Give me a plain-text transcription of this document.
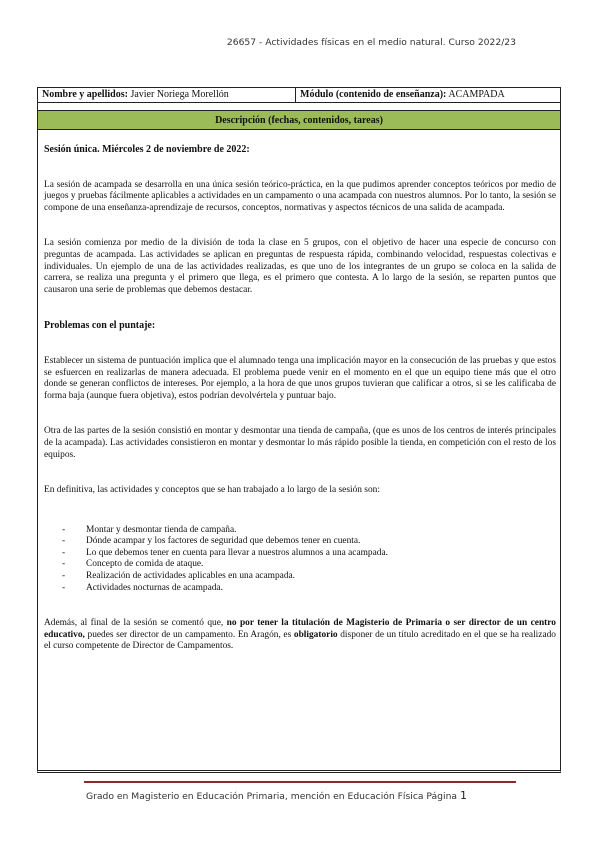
26657 - Actividades físicas en el medio natural. Curso 2022/23
Nombre y apellidos: Javier Noriega Morellón	Módulo (contenido de enseñanza): ACAMPADA
Descripción (fechas, contenidos, tareas)

Sesión única. Miércoles 2 de noviembre de 2022:

La sesión de acampada se desarrolla en una única sesión teórico-práctica, en la que pudimos aprender conceptos teóricos por medio de juegos y pruebas fácilmente aplicables a actividades en un campamento o una acampada con nuestros alumnos. Por lo tanto, la sesión se compone de una enseñanza-aprendizaje de recursos, conceptos, normativas y aspectos técnicos de una salida de acampada.

La sesión comienza por medio de la división de toda la clase en 5 grupos, con el objetivo de hacer una especie de concurso con preguntas de acampada. Las actividades se aplican en preguntas de respuesta rápida, combinando velocidad, respuestas colectivas e individuales. Un ejemplo de una de las actividades realizadas, es que uno de los integrantes de un grupo se coloca en la salida de carrera, se realiza una pregunta y el primero que llega, es el primero que contesta. A lo largo de la sesión, se reparten puntos que causaron una serie de problemas que debemos destacar.

Problemas con el puntaje:

Establecer un sistema de puntuación implica que el alumnado tenga una implicación mayor en la consecución de las pruebas y que estos se esfuercen en realizarlas de manera adecuada. El problema puede venir en el momento en el que un equipo tiene más que el otro donde se generan conflictos de intereses. Por ejemplo, a la hora de que unos grupos tuvieran que calificar a otros, si se les calificaba de forma baja (aunque fuera objetiva), estos podrían devolvértela y puntuar bajo.

Otra de las partes de la sesión consistió en montar y desmontar una tienda de campaña, (que es unos de los centros de interés principales de la acampada). Las actividades consistieron en montar y desmontar lo más rápido posible la tienda, en competición con el resto de los equipos.

En definitiva, las actividades y conceptos que se han trabajado a lo largo de la sesión son:

- Montar y desmontar tienda de campaña.
- Dónde acampar y los factores de seguridad que debemos tener en cuenta.
- Lo que debemos tener en cuenta para llevar a nuestros alumnos a una acampada.
- Concepto de comida de ataque.
- Realización de actividades aplicables en una acampada.
- Actividades nocturnas de acampada.

Además, al final de la sesión se comentó que, no por tener la titulación de Magisterio de Primaria o ser director de un centro educativo, puedes ser director de un campamento. En Aragón, es obligatorio disponer de un título acreditado en el que se ha realizado el curso competente de Director de Campamentos.

Grado en Magisterio en Educación Primaria, mención en Educación Física Página 1
